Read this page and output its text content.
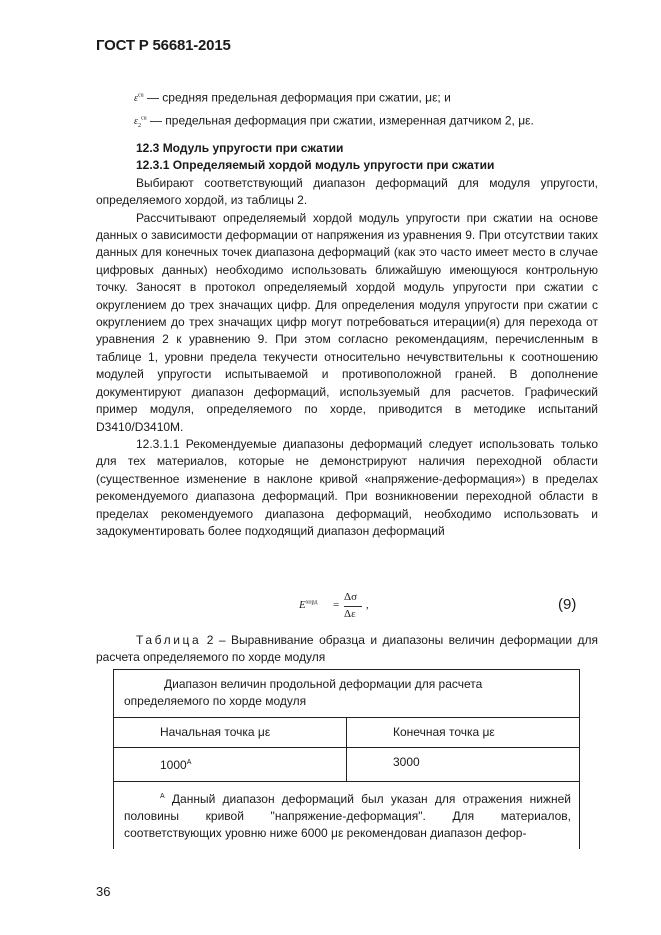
ГОСТ Р 56681-2015
$\varepsilon^{cu}$ — средняя предельная деформация при сжатии, με; и
$\varepsilon_2^{cu}$ — предельная деформация при сжатии, измеренная датчиком 2, με.
12.3 Модуль упругости при сжатии
12.3.1 Определяемый хордой модуль упругости при сжатии
Выбирают соответствующий диапазон деформаций для модуля упругости, определяемого хордой, из таблицы 2.
Рассчитывают определяемый хордой модуль упругости при сжатии на основе данных о зависимости деформации от напряжения из уравнения 9. При отсутствии таких данных для конечных точек диапазона деформаций (как это часто имеет место в случае цифровых данных) необходимо использовать ближайшую имеющуюся контрольную точку. Заносят в протокол определяемый хордой модуль упругости при сжатии с округлением до трех значащих цифр. Для определения модуля упругости при сжатии с округлением до трех значащих цифр могут потребоваться итерации(я) для перехода от уравнения 2 к уравнению 9. При этом согласно рекомендациям, перечисленным в таблице 1, уровни предела текучести относительно нечувствительны к соотношению модулей упругости испытываемой и противоположной граней. В дополнение документируют диапазон деформаций, используемый для расчетов. Графический пример модуля, определяемого по хорде, приводится в методике испытаний D3410/D3410M.
12.3.1.1 Рекомендуемые диапазоны деформаций следует использовать только для тех материалов, которые не демонстрируют наличия переходной области (существенное изменение в наклоне кривой «напряжение-деформация») в пределах рекомендуемого диапазона деформаций. При возникновении переходной области в пределах рекомендуемого диапазона деформаций, необходимо использовать и задокументировать более подходящий диапазон деформаций
$E^{хорд}$ =
Δσ
Δε
,	(9)
Таблица 2 – Выравнивание образца и диапазоны величин деформации для расчета определяемого по хорде модуля
Диапазон величин продольной деформации для расчета определяемого по хорде модуля	
Начальная точка με	Конечная точка με
$1000^A$	3000

$^A$ Данный диапазон деформаций был указан для отражения нижней половины кривой "напряжение-деформация". Для материалов, соответствующих уровню ниже 6000 με рекомендован диапазон дефор-	
36
